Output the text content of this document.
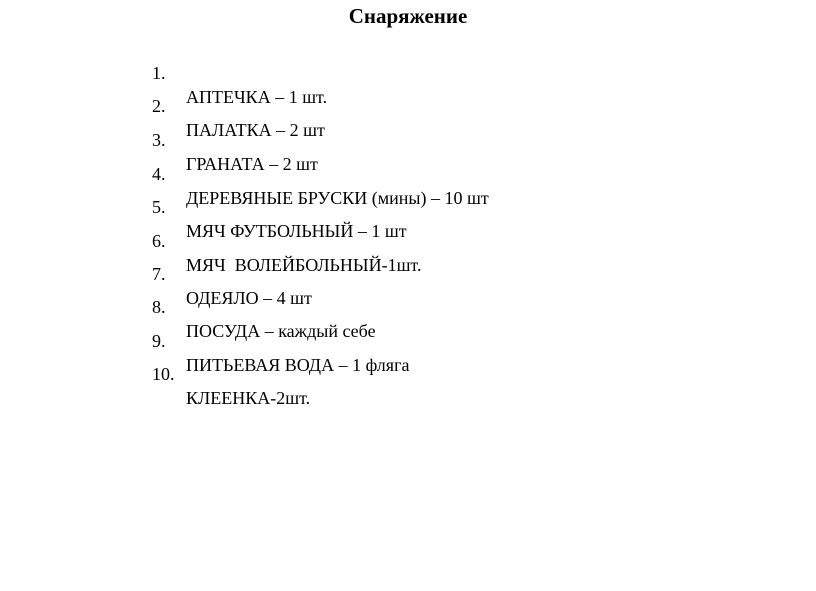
Снаряжение

1.

АПТЕЧКА – 1 шт.

2.

ПАЛАТКА – 2 шт

3.

ГРАНАТА – 2 шт

4.

ДЕРЕВЯНЫЕ БРУСКИ (мины) – 10 шт

5.

МЯЧ ФУТБОЛЬНЫЙ – 1 шт

6.

МЯЧ  ВОЛЕЙБОЛЬНЫЙ-1шт.

7.

ОДЕЯЛО – 4 шт

8.

ПОСУДА – каждый себе

9.

ПИТЬЕВАЯ ВОДА – 1 фляга

10.

КЛЕЕНКА-2шт.
